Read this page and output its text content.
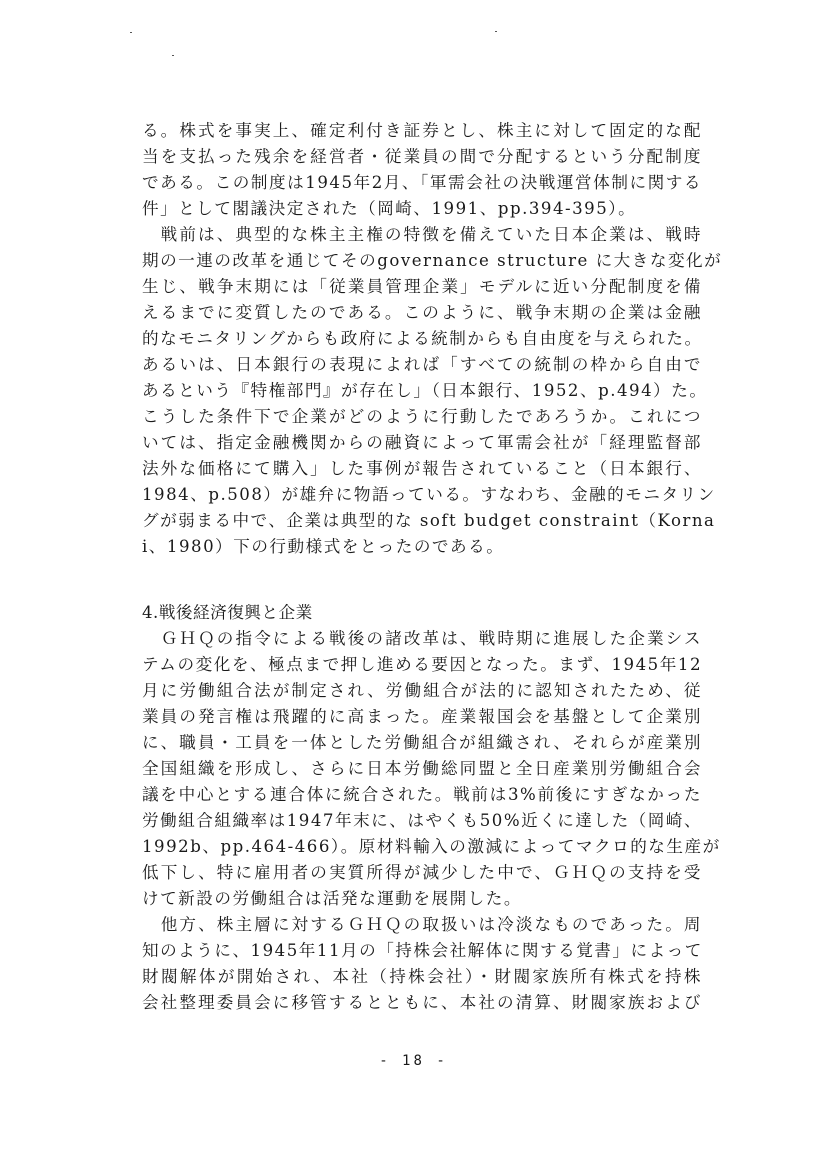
る。株式を事実上、確定利付き証券とし、株主に対して固定的な配
当を支払った残余を経営者・従業員の間で分配するという分配制度
である。この制度は1945年2月、「軍需会社の決戦運営体制に関する
件」として閣議決定された（岡崎、1991、pp.394-395）。
　戦前は、典型的な株主主権の特徴を備えていた日本企業は、戦時
期の一連の改革を通じてそのgovernance structure に大きな変化が
生じ、戦争末期には「従業員管理企業」モデルに近い分配制度を備
えるまでに変質したのである。このように、戦争末期の企業は金融
的なモニタリングからも政府による統制からも自由度を与えられた。
あるいは、日本銀行の表現によれば「すべての統制の枠から自由で
あるという『特権部門』が存在し」（日本銀行、1952、p.494）た。
こうした条件下で企業がどのように行動したであろうか。これにつ
いては、指定金融機関からの融資によって軍需会社が「経理監督部
法外な価格にて購入」した事例が報告されていること（日本銀行、
1984、p.508）が雄弁に物語っている。すなわち、金融的モニタリン
グが弱まる中で、企業は典型的な soft budget constraint（Korna
i、1980）下の行動様式をとったのである。
4.戦後経済復興と企業
　ＧＨＱの指令による戦後の諸改革は、戦時期に進展した企業シス
テムの変化を、極点まで押し進める要因となった。まず、1945年12
月に労働組合法が制定され、労働組合が法的に認知されたため、従
業員の発言権は飛躍的に高まった。産業報国会を基盤として企業別
に、職員・工員を一体とした労働組合が組織され、それらが産業別
全国組織を形成し、さらに日本労働総同盟と全日産業別労働組合会
議を中心とする連合体に統合された。戦前は3%前後にすぎなかった
労働組合組織率は1947年末に、はやくも50%近くに達した（岡崎、
1992b、pp.464-466）。原材料輸入の激減によってマクロ的な生産が
低下し、特に雇用者の実質所得が減少した中で、ＧＨＱの支持を受
けて新設の労働組合は活発な運動を展開した。
　他方、株主層に対するＧＨＱの取扱いは冷淡なものであった。周
知のように、1945年11月の「持株会社解体に関する覚書」によって
財閥解体が開始され、本社（持株会社）・財閥家族所有株式を持株
会社整理委員会に移管するとともに、本社の清算、財閥家族および
- 18 -
